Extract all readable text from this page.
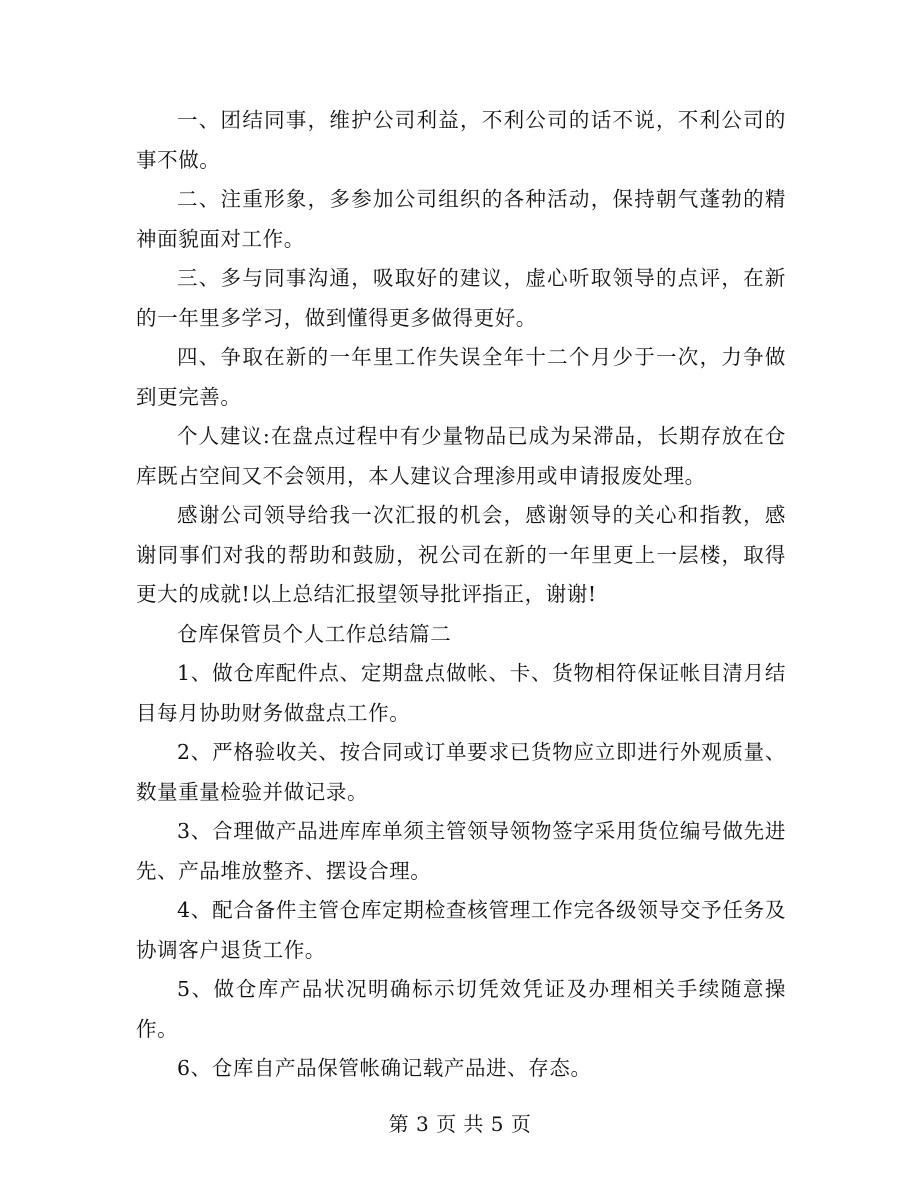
一、团结同事，维护公司利益，不利公司的话不说，不利公司的事不做。

二、注重形象，多参加公司组织的各种活动，保持朝气蓬勃的精神面貌面对工作。

三、多与同事沟通，吸取好的建议，虚心听取领导的点评，在新的一年里多学习，做到懂得更多做得更好。

四、争取在新的一年里工作失误全年十二个月少于一次，力争做到更完善。

个人建议:在盘点过程中有少量物品已成为呆滞品，长期存放在仓库既占空间又不会领用，本人建议合理渗用或申请报废处理。

感谢公司领导给我一次汇报的机会，感谢领导的关心和指教，感谢同事们对我的帮助和鼓励，祝公司在新的一年里更上一层楼，取得更大的成就!以上总结汇报望领导批评指正，谢谢!

仓库保管员个人工作总结篇二

1、做仓库配件点、定期盘点做帐、卡、货物相符保证帐目清月结目每月协助财务做盘点工作。

2、严格验收关、按合同或订单要求已货物应立即进行外观质量、数量重量检验并做记录。

3、合理做产品进库库单须主管领导领物签字采用货位编号做先进先、产品堆放整齐、摆设合理。

4、配合备件主管仓库定期检查核管理工作完各级领导交予任务及协调客户退货工作。

5、做仓库产品状况明确标示切凭效凭证及办理相关手续随意操作。

6、仓库自产品保管帐确记载产品进、存态。

第 3 页 共 5 页
